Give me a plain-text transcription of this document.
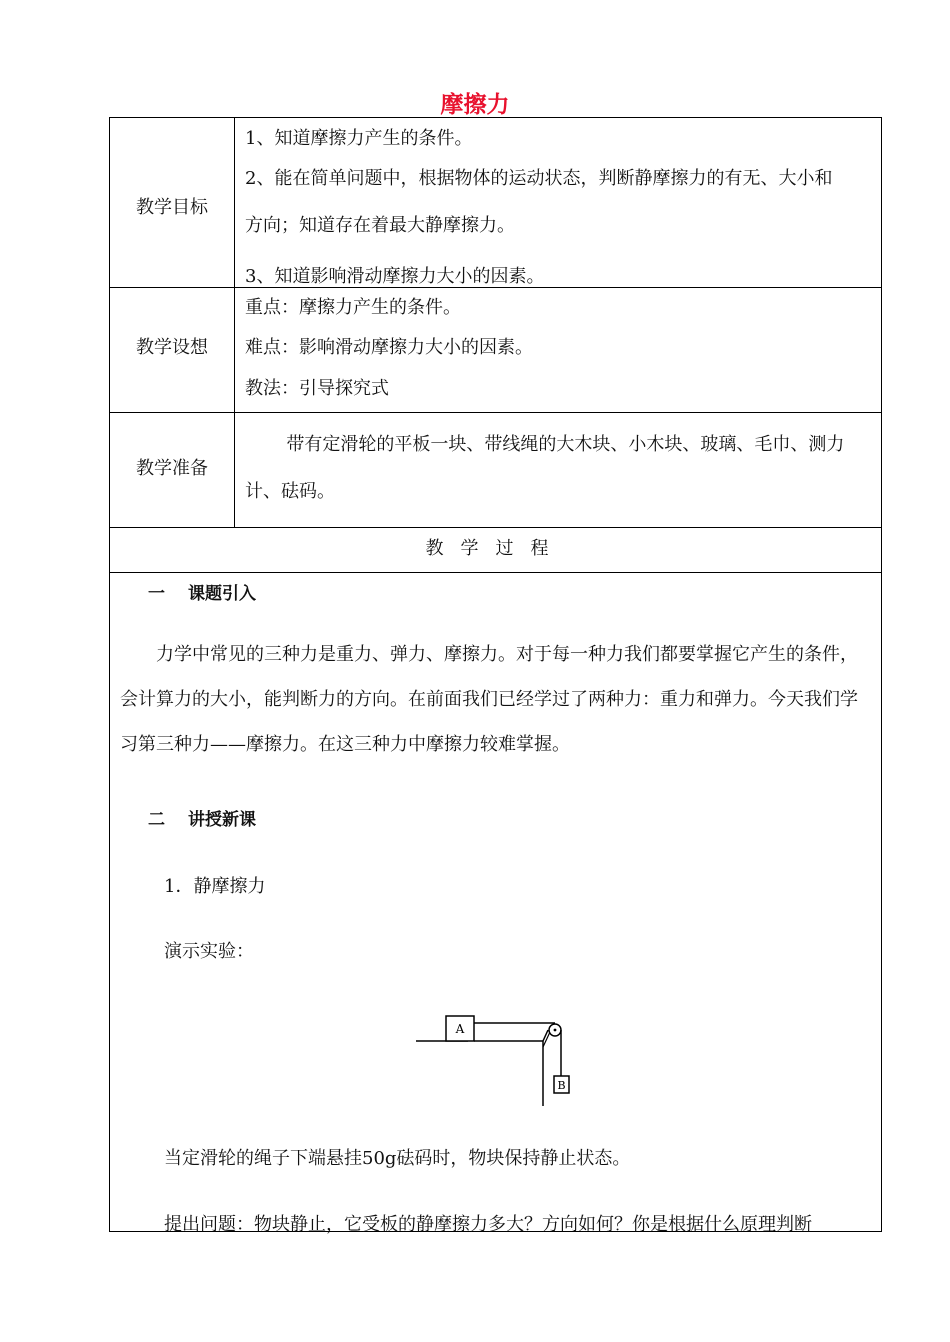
摩擦力
教学目标
1、知道摩擦力产生的条件。
2、能在简单问题中，根据物体的运动状态，判断静摩擦力的有无、大小和
方向；知道存在着最大静摩擦力。
3、知道影响滑动摩擦力大小的因素。
教学设想
重点：摩擦力产生的条件。
难点：影响滑动摩擦力大小的因素。
教法：引导探究式
教学准备
带有定滑轮的平板一块、带线绳的大木块、小木块、玻璃、毛巾、测力计、砝码。
教学过程
一 课题引入
力学中常见的三种力是重力、弹力、摩擦力。对于每一种力我们都要掌握它产生的条件，会计算力的大小，能判断力的方向。在前面我们已经学过了两种力：重力和弹力。今天我们学习第三种力——摩擦力。在这三种力中摩擦力较难掌握。
二 讲授新课
1．静摩擦力
演示实验：
A
B
当定滑轮的绳子下端悬挂50g砝码时，物块保持静止状态。
提出问题：物块静止，它受板的静摩擦力多大？方向如何？你是根据什么原理判断
